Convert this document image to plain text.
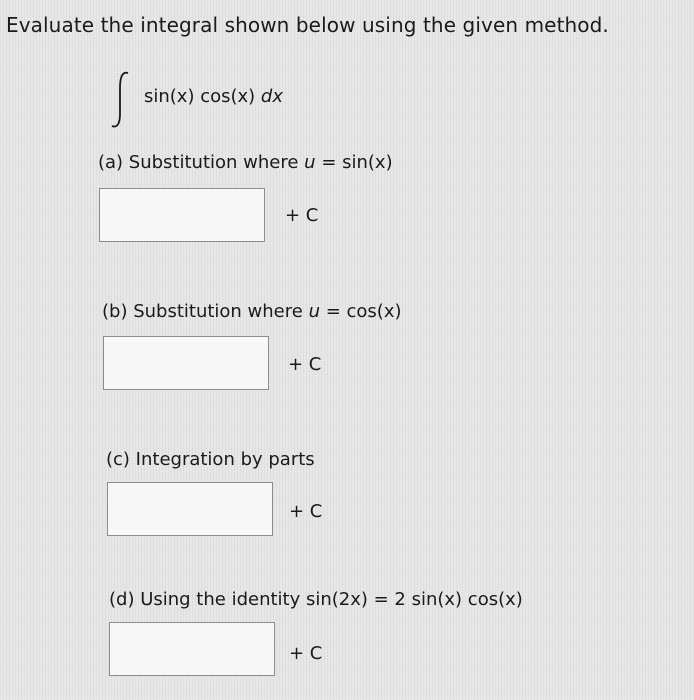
Evaluate the integral shown below using the given method.
sin(x) cos(x) dx
(a) Substitution where u = sin(x)
+ C
(b) Substitution where u = cos(x)
+ C
(c) Integration by parts
+ C
(d) Using the identity sin(2x) = 2 sin(x) cos(x)
+ C
